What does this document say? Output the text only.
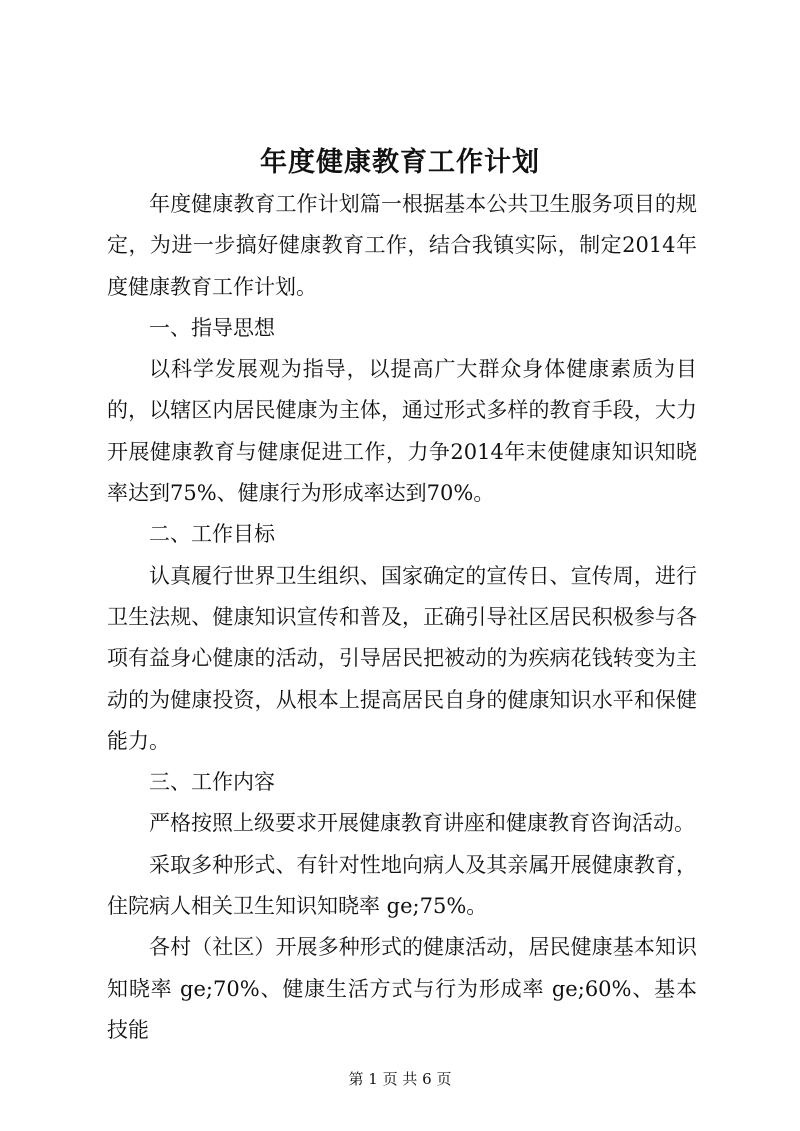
年度健康教育工作计划

年度健康教育工作计划篇一根据基本公共卫生服务项目的规定，为进一步搞好健康教育工作，结合我镇实际，制定2014年度健康教育工作计划。

一、指导思想

以科学发展观为指导，以提高广大群众身体健康素质为目的，以辖区内居民健康为主体，通过形式多样的教育手段，大力开展健康教育与健康促进工作，力争2014年末使健康知识知晓率达到75%、健康行为形成率达到70%。

二、工作目标

认真履行世界卫生组织、国家确定的宣传日、宣传周，进行卫生法规、健康知识宣传和普及，正确引导社区居民积极参与各项有益身心健康的活动，引导居民把被动的为疾病花钱转变为主动的为健康投资，从根本上提高居民自身的健康知识水平和保健能力。

三、工作内容

严格按照上级要求开展健康教育讲座和健康教育咨询活动。

采取多种形式、有针对性地向病人及其亲属开展健康教育，住院病人相关卫生知识知晓率 ge;75%。

各村（社区）开展多种形式的健康活动，居民健康基本知识知晓率 ge;70%、健康生活方式与行为形成率 ge;60%、基本技能

第 1 页 共 6 页
